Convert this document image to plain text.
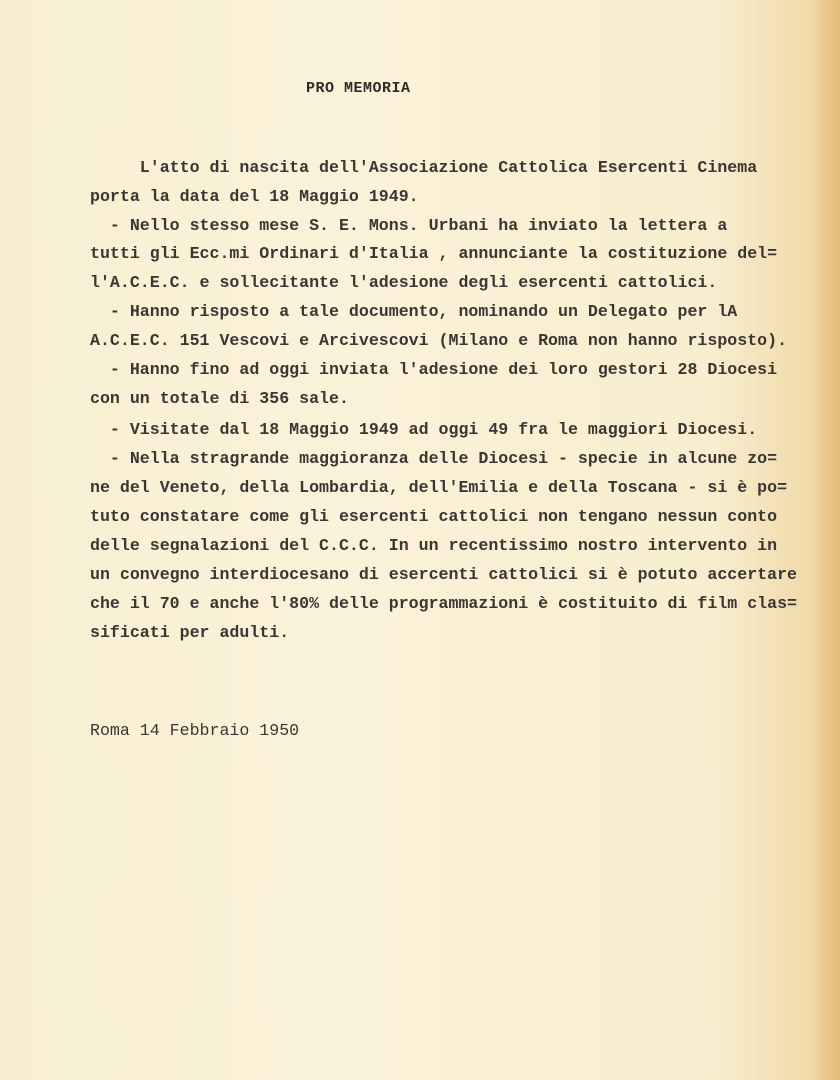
PRO MEMORIA
L'atto di nascita dell'Associazione Cattolica Esercenti Cinema
porta la data del 18 Maggio 1949.
- Nello stesso mese S. E. Mons. Urbani ha inviato la lettera a
tutti gli Ecc.mi Ordinari d'Italia , annunciante la costituzione del=
l'A.C.E.C. e sollecitante l'adesione degli esercenti cattolici.
- Hanno risposto a tale documento, nominando un Delegato per lA
A.C.E.C. 151 Vescovi e Arcivescovi (Milano e Roma non hanno risposto).
- Hanno fino ad oggi inviata l'adesione dei loro gestori 28 Diocesi
con un totale di 356 sale.
- Visitate dal 18 Maggio 1949 ad oggi 49 fra le maggiori Diocesi.
- Nella stragrande maggioranza delle Diocesi - specie in alcune zo=
ne del Veneto, della Lombardia, dell'Emilia e della Toscana - si è po=
tuto constatare come gli esercenti cattolici non tengano nessun conto
delle segnalazioni del C.C.C. In un recentissimo nostro intervento in
un convegno interdiocesano di esercenti cattolici si è potuto accertare
che il 70 e anche l'80% delle programmazioni è costituito di film clas=
sificati per adulti.
Roma 14 Febbraio 1950
